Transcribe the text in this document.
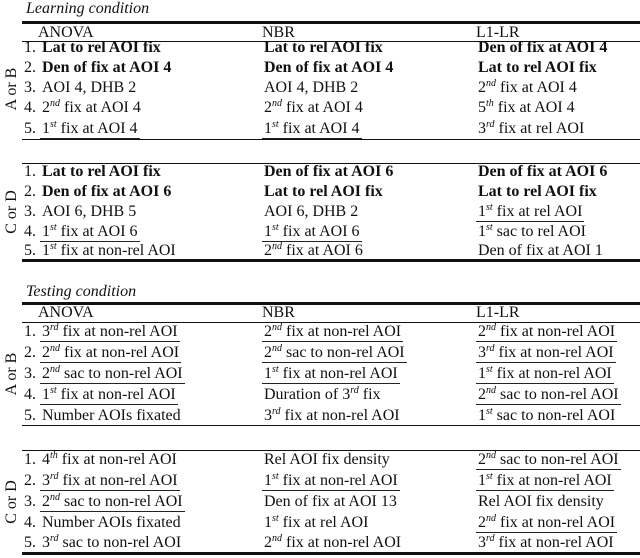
Learning condition
ANOVA	NBR	L1-LR
A or B
1. Lat to rel AOI fix	Lat to rel AOI fix	Den of fix at AOI 4
2. Den of fix at AOI 4	Den of fix at AOI 4	Lat to rel AOI fix
3. AOI 4, DHB 2	AOI 4, DHB 2	2nd fix at AOI 4
4. 2nd fix at AOI 4	2nd fix at AOI 4	5th fix at AOI 4
5. 1st fix at AOI 4	1st fix at AOI 4	3rd fix at rel AOI
C or D
1. Lat to rel AOI fix	Den of fix at AOI 6	Den of fix at AOI 6
2. Den of fix at AOI 6	Lat to rel AOI fix	Lat to rel AOI fix
3. AOI 6, DHB 5	AOI 6, DHB 2	1st fix at rel AOI
4. 1st fix at AOI 6	1st fix at AOI 6	1st sac to rel AOI
5. 1st fix at non-rel AOI	2nd fix at AOI 6	Den of fix at AOI 1
Testing condition
ANOVA	NBR	L1-LR
A or B
1. 3rd fix at non-rel AOI	2nd fix at non-rel AOI	2nd fix at non-rel AOI
2. 2nd fix at non-rel AOI	2nd sac to non-rel AOI	3rd fix at non-rel AOI
3. 2nd sac to non-rel AOI	1st fix at non-rel AOI	1st fix at non-rel AOI
4. 1st fix at non-rel AOI	Duration of 3rd fix	2nd sac to non-rel AOI
5. Number AOIs fixated	3rd fix at non-rel AOI	1st sac to non-rel AOI
C or D
1. 4th fix at non-rel AOI	Rel AOI fix density	2nd sac to non-rel AOI
2. 3rd fix at non-rel AOI	1st fix at non-rel AOI	1st fix at non-rel AOI
3. 2nd sac to non-rel AOI	Den of fix at AOI 13	Rel AOI fix density
4. Number AOIs fixated	1st fix at rel AOI	2nd fix at non-rel AOI
5. 3rd sac to non-rel AOI	2nd fix at non-rel AOI	3rd fix at non-rel AOI
